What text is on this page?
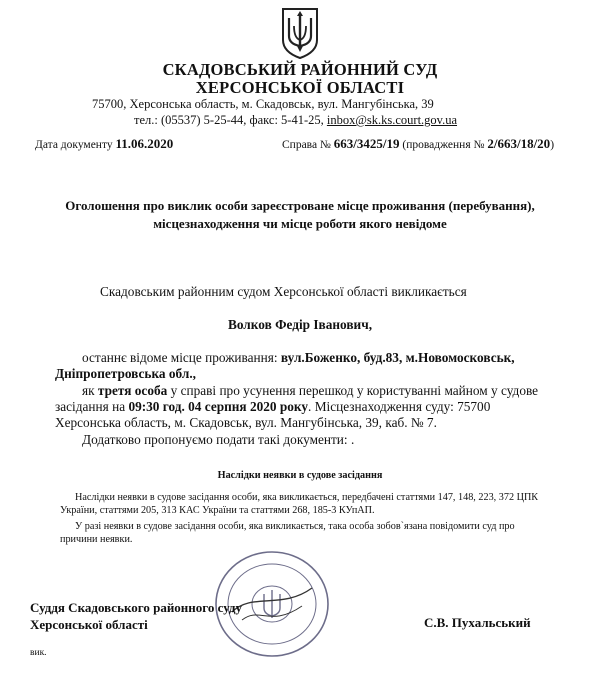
СКАДОВСЬКИЙ РАЙОННИЙ СУД
ХЕРСОНСЬКОЇ ОБЛАСТІ
75700, Херсонська область, м. Скадовськ, вул. Мангубінська, 39
тел.: (05537) 5-25-44, факс: 5-41-25, inbox@sk.ks.court.gov.ua
Дата документу 11.06.2020	Справа № 663/3425/19 (провадження № 2/663/18/20)
Оголошення про виклик особи зареєстроване місце проживання (перебування),
місцезнаходження чи місце роботи якого невідоме
Скадовським районним судом Херсонської області викликається
Волков Федір Іванович,
останнє відоме місце проживання: вул.Боженко, буд.83, м.Новомосковськ,
Дніпропетровська обл.,
як третя особа у справі про усунення перешкод у користуванні майном у судове
засідання на 09:30 год. 04 серпня 2020 року. Місцезнаходження суду: 75700
Херсонська область, м. Скадовськ, вул. Мангубінська, 39, каб. № 7.
Додатково пропонуємо подати такі документи: .
Наслідки неявки в судове засідання
Наслідки неявки в судове засідання особи, яка викликається, передбачені статтями 147, 148, 223, 372 ЦПК
України, статтями 205, 313 КАС України та статтями 268, 185-3 КУпАП.
У разі неявки в судове засідання особи, яка викликається, така особа зобов`язана повідомити суд про
причини неявки.
Суддя Скадовського районного суду
Херсонської області	С.В. Пухальський
вик.
